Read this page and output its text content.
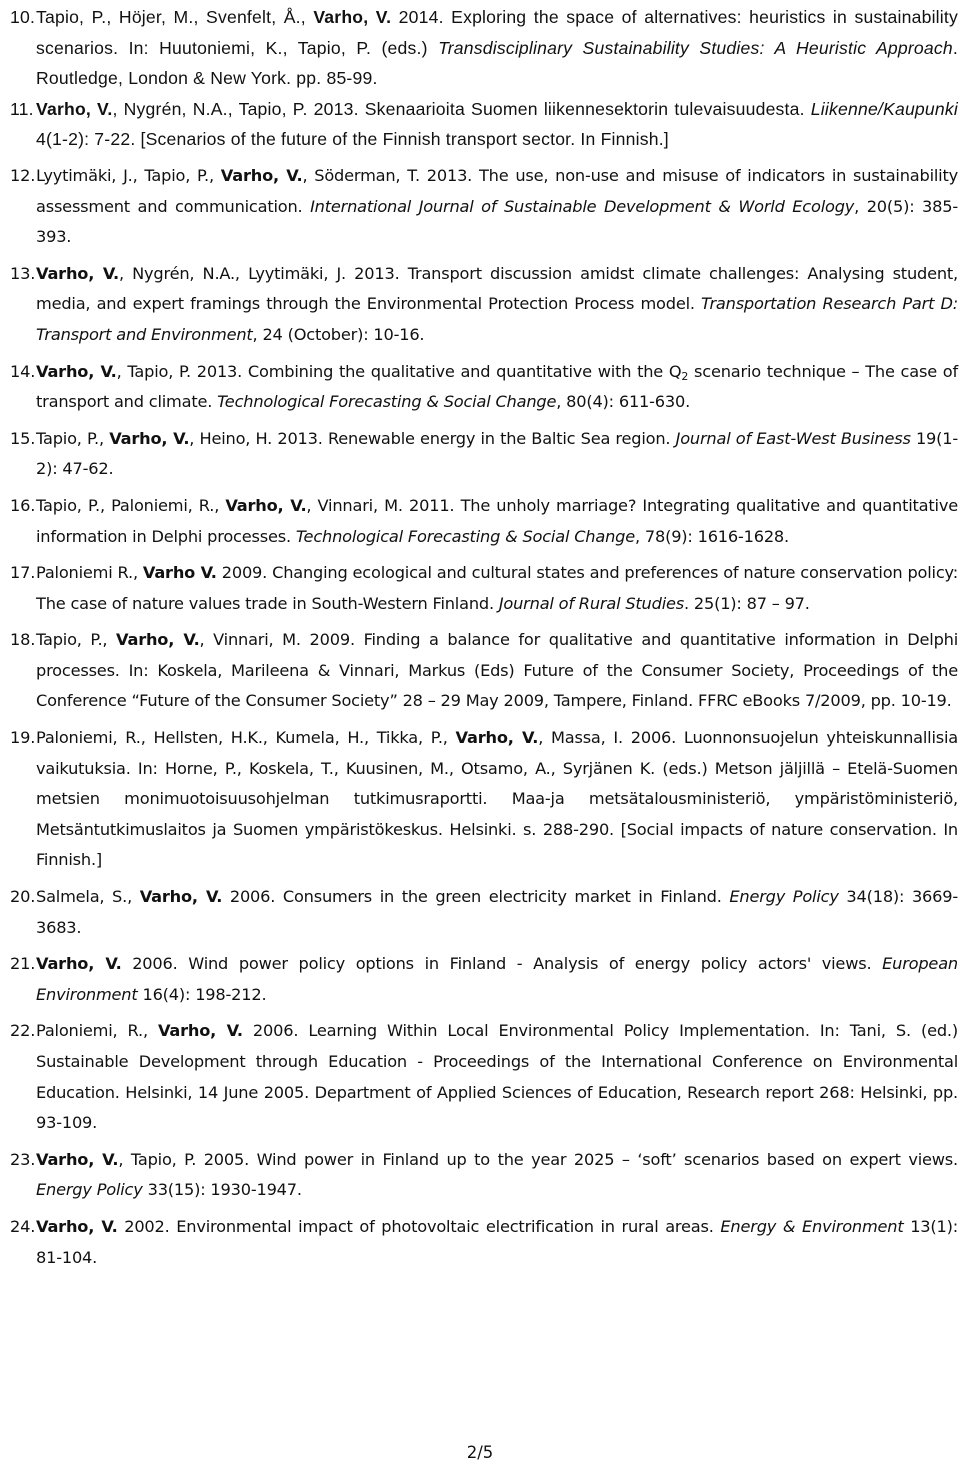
10. Tapio, P., Höjer, M., Svenfelt, Å., Varho, V. 2014. Exploring the space of alternatives: heuristics in sustainability scenarios. In: Huutoniemi, K., Tapio, P. (eds.) Transdisciplinary Sustainability Studies: A Heuristic Approach. Routledge, London & New York. pp. 85-99.
11. Varho, V., Nygrén, N.A., Tapio, P. 2013. Skenaarioita Suomen liikennesektorin tulevaisuudesta. Liikenne/Kaupunki 4(1-2): 7-22. [Scenarios of the future of the Finnish transport sector. In Finnish.]
12. Lyytimäki, J., Tapio, P., Varho, V., Söderman, T. 2013. The use, non-use and misuse of indicators in sustainability assessment and communication. International Journal of Sustainable Development & World Ecology, 20(5): 385-393.
13. Varho, V., Nygrén, N.A., Lyytimäki, J. 2013. Transport discussion amidst climate challenges: Analysing student, media, and expert framings through the Environmental Protection Process model. Transportation Research Part D: Transport and Environment, 24 (October): 10-16.
14. Varho, V., Tapio, P. 2013. Combining the qualitative and quantitative with the $Q_2$ scenario technique – The case of transport and climate. Technological Forecasting & Social Change, 80(4): 611-630.
15. Tapio, P., Varho, V., Heino, H. 2013. Renewable energy in the Baltic Sea region. Journal of East-West Business 19(1-2): 47-62.
16. Tapio, P., Paloniemi, R., Varho, V., Vinnari, M. 2011. The unholy marriage? Integrating qualitative and quantitative information in Delphi processes. Technological Forecasting & Social Change, 78(9): 1616-1628.
17. Paloniemi R., Varho V. 2009. Changing ecological and cultural states and preferences of nature conservation policy: The case of nature values trade in South-Western Finland. Journal of Rural Studies. 25(1): 87 – 97.
18. Tapio, P., Varho, V., Vinnari, M. 2009. Finding a balance for qualitative and quantitative information in Delphi processes. In: Koskela, Marileena & Vinnari, Markus (Eds) Future of the Consumer Society, Proceedings of the Conference “Future of the Consumer Society” 28 – 29 May 2009, Tampere, Finland. FFRC eBooks 7/2009, pp. 10-19.
19. Paloniemi, R., Hellsten, H.K., Kumela, H., Tikka, P., Varho, V., Massa, I. 2006. Luonnonsuojelun yhteiskunnallisia vaikutuksia. In: Horne, P., Koskela, T., Kuusinen, M., Otsamo, A., Syrjänen K. (eds.) Metson jäljillä – Etelä-Suomen metsien monimuotoisuusohjelman tutkimusraportti. Maa-ja metsätalousministeriö, ympäristöministeriö, Metsäntutkimuslaitos ja Suomen ympäristökeskus. Helsinki. s. 288-290. [Social impacts of nature conservation. In Finnish.]
20. Salmela, S., Varho, V. 2006. Consumers in the green electricity market in Finland. Energy Policy 34(18): 3669-3683.
21. Varho, V. 2006. Wind power policy options in Finland - Analysis of energy policy actors' views. European Environment 16(4): 198-212.
22. Paloniemi, R., Varho, V. 2006. Learning Within Local Environmental Policy Implementation. In: Tani, S. (ed.) Sustainable Development through Education - Proceedings of the International Conference on Environmental Education. Helsinki, 14 June 2005. Department of Applied Sciences of Education, Research report 268: Helsinki, pp. 93-109.
23. Varho, V., Tapio, P. 2005. Wind power in Finland up to the year 2025 – ‘soft’ scenarios based on expert views. Energy Policy 33(15): 1930-1947.
24. Varho, V. 2002. Environmental impact of photovoltaic electrification in rural areas. Energy & Environment 13(1): 81-104.
2/5
